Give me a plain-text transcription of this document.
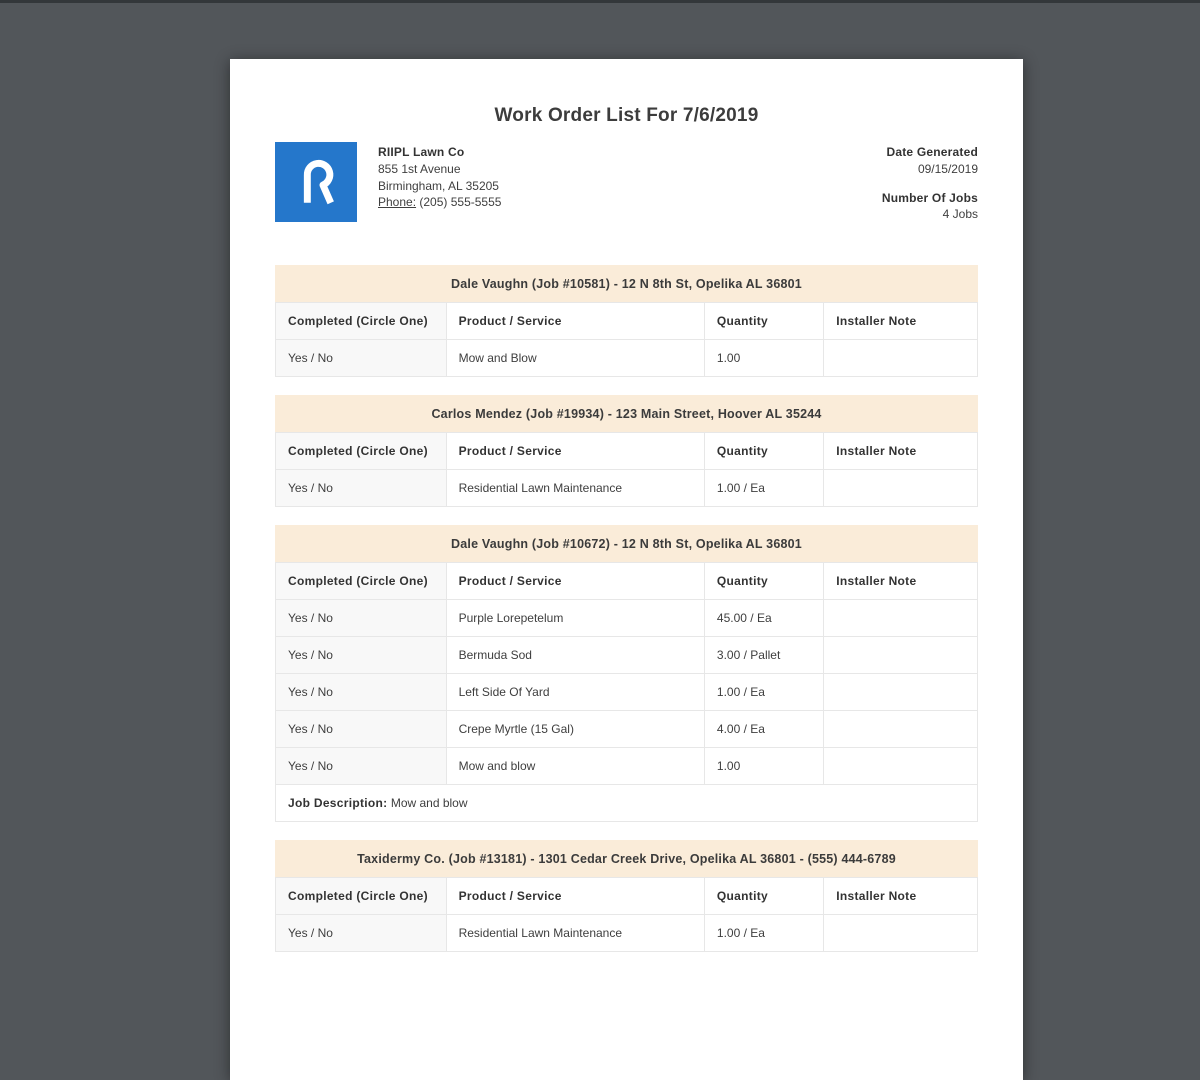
Work Order List For 7/6/2019
RIIPL Lawn Co
855 1st Avenue
Birmingham, AL 35205
Phone: (205) 555-5555
Date Generated
09/15/2019
Number Of Jobs
4 Jobs
Dale Vaughn (Job #10581) - 12 N 8th St, Opelika AL 36801
Completed (Circle One)	Product / Service	Quantity	Installer Note
Yes / No	Mow and Blow	1.00	
Carlos Mendez (Job #19934) - 123 Main Street, Hoover AL 35244
Completed (Circle One)	Product / Service	Quantity	Installer Note
Yes / No	Residential Lawn Maintenance	1.00 / Ea	
Dale Vaughn (Job #10672) - 12 N 8th St, Opelika AL 36801
Completed (Circle One)	Product / Service	Quantity	Installer Note
Yes / No	Purple Lorepetelum	45.00 / Ea	
Yes / No	Bermuda Sod	3.00 / Pallet	
Yes / No	Left Side Of Yard	1.00 / Ea	
Yes / No	Crepe Myrtle (15 Gal)	4.00 / Ea	
Yes / No	Mow and blow	1.00	
Job Description: Mow and blow			
Taxidermy Co. (Job #13181) - 1301 Cedar Creek Drive, Opelika AL 36801 - (555) 444-6789
Completed (Circle One)	Product / Service	Quantity	Installer Note
Yes / No	Residential Lawn Maintenance	1.00 / Ea	
